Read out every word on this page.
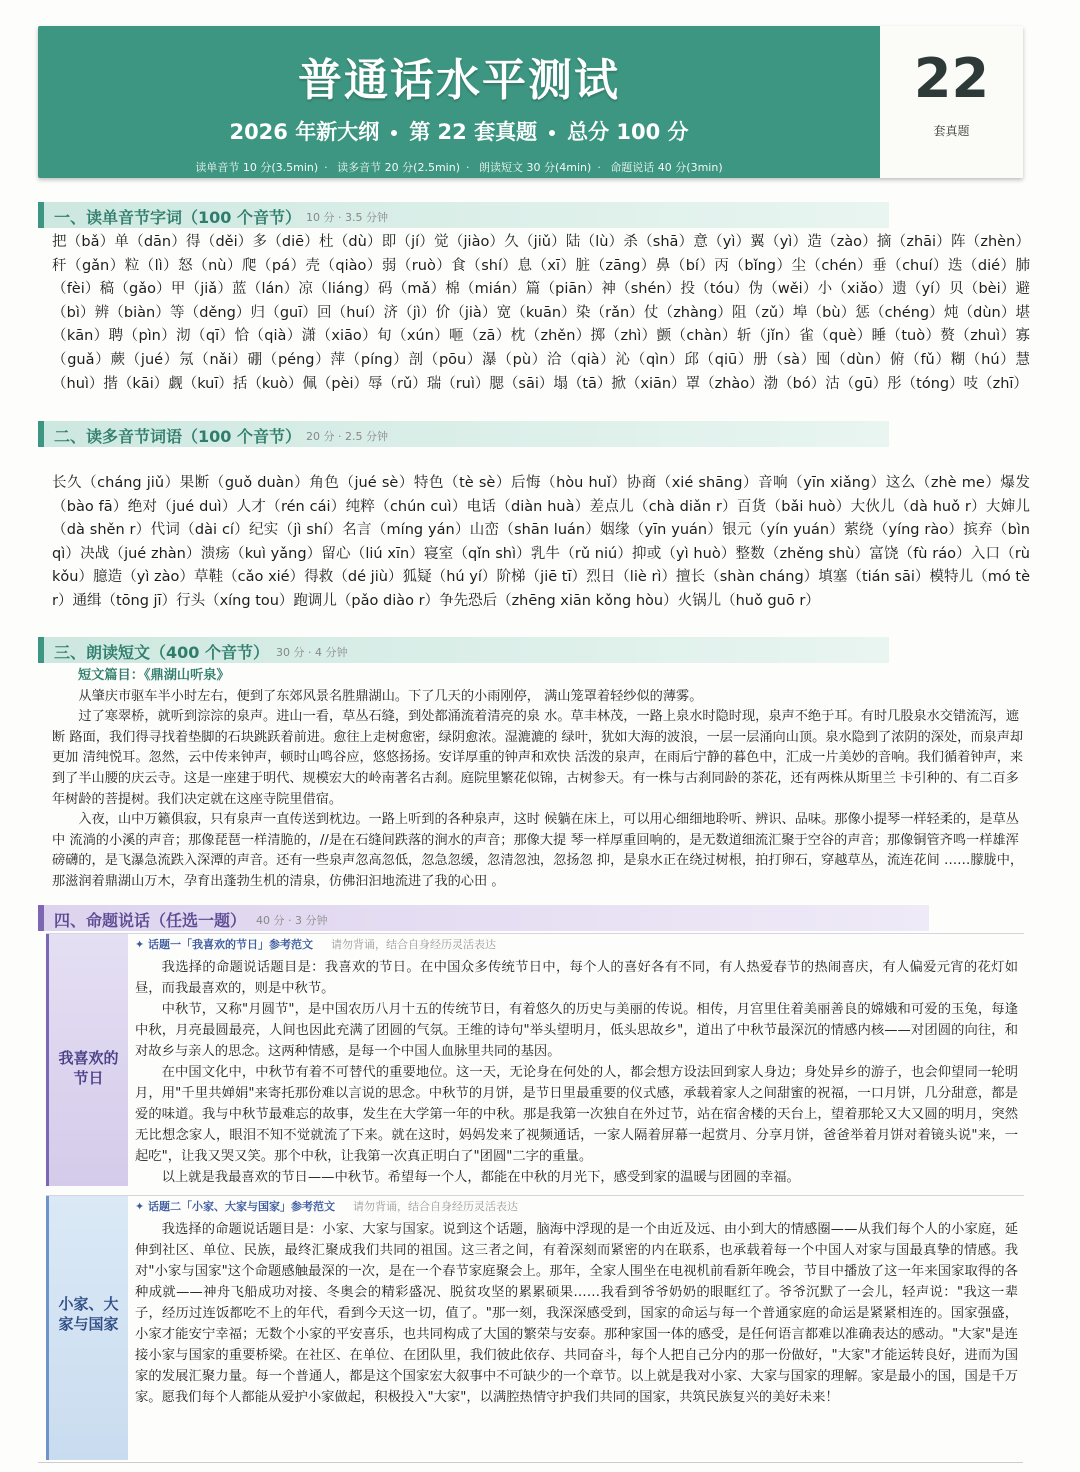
普通话水平测试
2026 年新大纲 第 22 套真题 总分 100 分
读单音节 10 分(3.5min) · 读多音节 20 分(2.5min) · 朗读短文 30 分(4min) · 命题说话 40 分(3min)
22
套真题
一、读单音节字词（100 个音节） 10 分 · 3.5 分钟
把（bǎ）单（dān）得（děi）多（diē）杜（dù）即（jí）觉（jiào）久（jiǔ）陆（lù）杀（shā）意（yì）翼（yì）造（zào）摘（zhāi）阵（zhèn）秆（gǎn）粒（lì）怒（nù）爬（pá）壳（qiào）弱（ruò）食（shí）息（xī）脏（zāng）鼻（bí）丙（bǐng）尘（chén）垂（chuí）迭（dié）肺（fèi）稿（gǎo）甲（jiǎ）蓝（lán）凉（liáng）码（mǎ）棉（mián）篇（piān）神（shén）投（tóu）伪（wěi）小（xiǎo）遗（yí）贝（bèi）避（bì）辨（biàn）等（děng）归（guī）回（huí）济（jì）价（jià）宽（kuān）染（rǎn）仗（zhàng）阻（zǔ）埠（bù）惩（chéng）炖（dùn）堪（kān）聘（pìn）沏（qī）恰（qià）潇（xiāo）旬（xún）咂（zā）枕（zhěn）掷（zhì）颤（chàn）斩（jǐn）雀（què）睡（tuò）赘（zhuì）寡（guǎ）蕨（jué）氖（nǎi）硼（péng）萍（píng）剖（pōu）瀑（pù）洽（qià）沁（qìn）邱（qiū）册（sà）囤（dùn）俯（fǔ）糊（hú）慧（huì）揩（kāi）觑（kuī）括（kuò）佩（pèi）辱（rǔ）瑞（ruì）腮（sāi）塌（tā）掀（xiān）罩（zhào）渤（bó）沽（gū）彤（tóng）吱（zhī）
二、读多音节词语（100 个音节） 20 分 · 2.5 分钟
长久（cháng jiǔ）果断（guǒ duàn）角色（jué sè）特色（tè sè）后悔（hòu huǐ）协商（xié shāng）音响（yīn xiǎng）这么（zhè me）爆发（bào fā）绝对（jué duì）人才（rén cái）纯粹（chún cuì）电话（diàn huà）差点儿（chà diǎn r）百货（bǎi huò）大伙儿（dà huǒ r）大婶儿（dà shěn r）代词（dài cí）纪实（jì shí）名言（míng yán）山峦（shān luán）姻缘（yīn yuán）银元（yín yuán）萦绕（yíng rào）摈弃（bìn qì）决战（jué zhàn）溃疡（kuì yǎng）留心（liú xīn）寝室（qǐn shì）乳牛（rǔ niú）抑或（yì huò）整数（zhěng shù）富饶（fù ráo）入口（rù kǒu）臆造（yì zào）草鞋（cǎo xié）得救（dé jiù）狐疑（hú yí）阶梯（jiē tī）烈日（liè rì）擅长（shàn cháng）填塞（tián sāi）模特儿（mó tè r）通缉（tōng jī）行头（xíng tou）跑调儿（pǎo diào r）争先恐后（zhēng xiān kǒng hòu）火锅儿（huǒ guō r）
三、朗读短文（400 个音节） 30 分 · 4 分钟

短文篇目：《鼎湖山听泉》

从肇庆市驱车半小时左右，便到了东郊风景名胜鼎湖山。下了几天的小雨刚停， 满山笼罩着轻纱似的薄雾。

过了寒翠桥，就听到淙淙的泉声。进山一看，草丛石缝，到处都涌流着清亮的泉 水。草丰林茂，一路上泉水时隐时现，泉声不绝于耳。有时几股泉水交错流泻，遮断 路面，我们得寻找着垫脚的石块跳跃着前进。愈往上走树愈密，绿阴愈浓。湿漉漉的 绿叶，犹如大海的波浪，一层一层涌向山顶。泉水隐到了浓阴的深处，而泉声却更加 清纯悦耳。忽然，云中传来钟声，顿时山鸣谷应，悠悠扬扬。安详厚重的钟声和欢快 活泼的泉声，在雨后宁静的暮色中，汇成一片美妙的音响。我们循着钟声，来到了半山腰的庆云寺。这是一座建于明代、规模宏大的岭南著名古刹。庭院里繁花似锦，古树参天。有一株与古刹同龄的茶花，还有两株从斯里兰 卡引种的、有二百多年树龄的菩提树。我们决定就在这座寺院里借宿。

入夜，山中万籁俱寂，只有泉声一直传送到枕边。一路上听到的各种泉声，这时 候躺在床上，可以用心细细地聆听、辨识、品味。那像小提琴一样轻柔的，是草丛中 流淌的小溪的声音；那像琵琶一样清脆的，//是在石缝间跌落的涧水的声音；那像大提 琴一样厚重回响的，是无数道细流汇聚于空谷的声音；那像铜管齐鸣一样雄浑磅礴的，是飞瀑急流跌入深潭的声音。还有一些泉声忽高忽低，忽急忽缓，忽清忽浊，忽扬忽 抑，是泉水正在绕过树根，拍打卵石，穿越草丛，流连花间 ……朦胧中，那滋润着鼎湖山万木，孕育出蓬勃生机的清泉，仿佛汩汩地流进了我的心田 。

四、命题说话（任选一题） 40 分 · 3 分钟
我喜欢的
节日
✦ 话题一「我喜欢的节日」参考范文 请勿背诵，结合自身经历灵活表达

我选择的命题说话题目是：我喜欢的节日。在中国众多传统节日中，每个人的喜好各有不同，有人热爱春节的热闹喜庆，有人偏爱元宵的花灯如昼，而我最喜欢的，则是中秋节。

中秋节，又称"月圆节"，是中国农历八月十五的传统节日，有着悠久的历史与美丽的传说。相传，月宫里住着美丽善良的嫦娥和可爱的玉兔，每逢中秋，月亮最圆最亮，人间也因此充满了团圆的气氛。王维的诗句"举头望明月，低头思故乡"，道出了中秋节最深沉的情感内核——对团圆的向往，和对故乡与亲人的思念。这两种情感，是每一个中国人血脉里共同的基因。

在中国文化中，中秋节有着不可替代的重要地位。这一天，无论身在何处的人，都会想方设法回到家人身边；身处异乡的游子，也会仰望同一轮明月，用"千里共婵娟"来寄托那份难以言说的思念。中秋节的月饼，是节日里最重要的仪式感，承载着家人之间甜蜜的祝福，一口月饼，几分甜意，都是爱的味道。我与中秋节最难忘的故事，发生在大学第一年的中秋。那是我第一次独自在外过节，站在宿舍楼的天台上，望着那轮又大又圆的明月，突然无比想念家人，眼泪不知不觉就流了下来。就在这时，妈妈发来了视频通话，一家人隔着屏幕一起赏月、分享月饼，爸爸举着月饼对着镜头说"来，一起吃"，让我又哭又笑。那个中秋，让我第一次真正明白了"团圆"二字的重量。

以上就是我最喜欢的节日——中秋节。希望每一个人，都能在中秋的月光下，感受到家的温暖与团圆的幸福。

小家、大
家与国家
✦ 话题二「小家、大家与国家」参考范文 请勿背诵，结合自身经历灵活表达

我选择的命题说话题目是：小家、大家与国家。说到这个话题，脑海中浮现的是一个由近及远、由小到大的情感圈——从我们每个人的小家庭，延伸到社区、单位、民族，最终汇聚成我们共同的祖国。这三者之间，有着深刻而紧密的内在联系，也承载着每一个中国人对家与国最真挚的情感。我对"小家与国家"这个命题感触最深的一次，是在一个春节家庭聚会上。那年，全家人围坐在电视机前看新年晚会，节目中播放了这一年来国家取得的各种成就——神舟飞船成功对接、冬奥会的精彩盛况、脱贫攻坚的累累硕果……我看到爷爷奶奶的眼眶红了。爷爷沉默了一会儿，轻声说："我这一辈子，经历过连饭都吃不上的年代，看到今天这一切，值了。"那一刻，我深深感受到，国家的命运与每一个普通家庭的命运是紧紧相连的。国家强盛，小家才能安宁幸福；无数个小家的平安喜乐，也共同构成了大国的繁荣与安泰。那种家国一体的感受，是任何语言都难以准确表达的感动。"大家"是连接小家与国家的重要桥梁。在社区、在单位、在团队里，我们彼此依存、共同奋斗，每个人把自己分内的那一份做好，"大家"才能运转良好，进而为国家的发展汇聚力量。每一个普通人，都是这个国家宏大叙事中不可缺少的一个章节。以上就是我对小家、大家与国家的理解。家是最小的国，国是千万家。愿我们每个人都能从爱护小家做起，积极投入"大家"，以满腔热情守护我们共同的国家，共筑民族复兴的美好未来！
